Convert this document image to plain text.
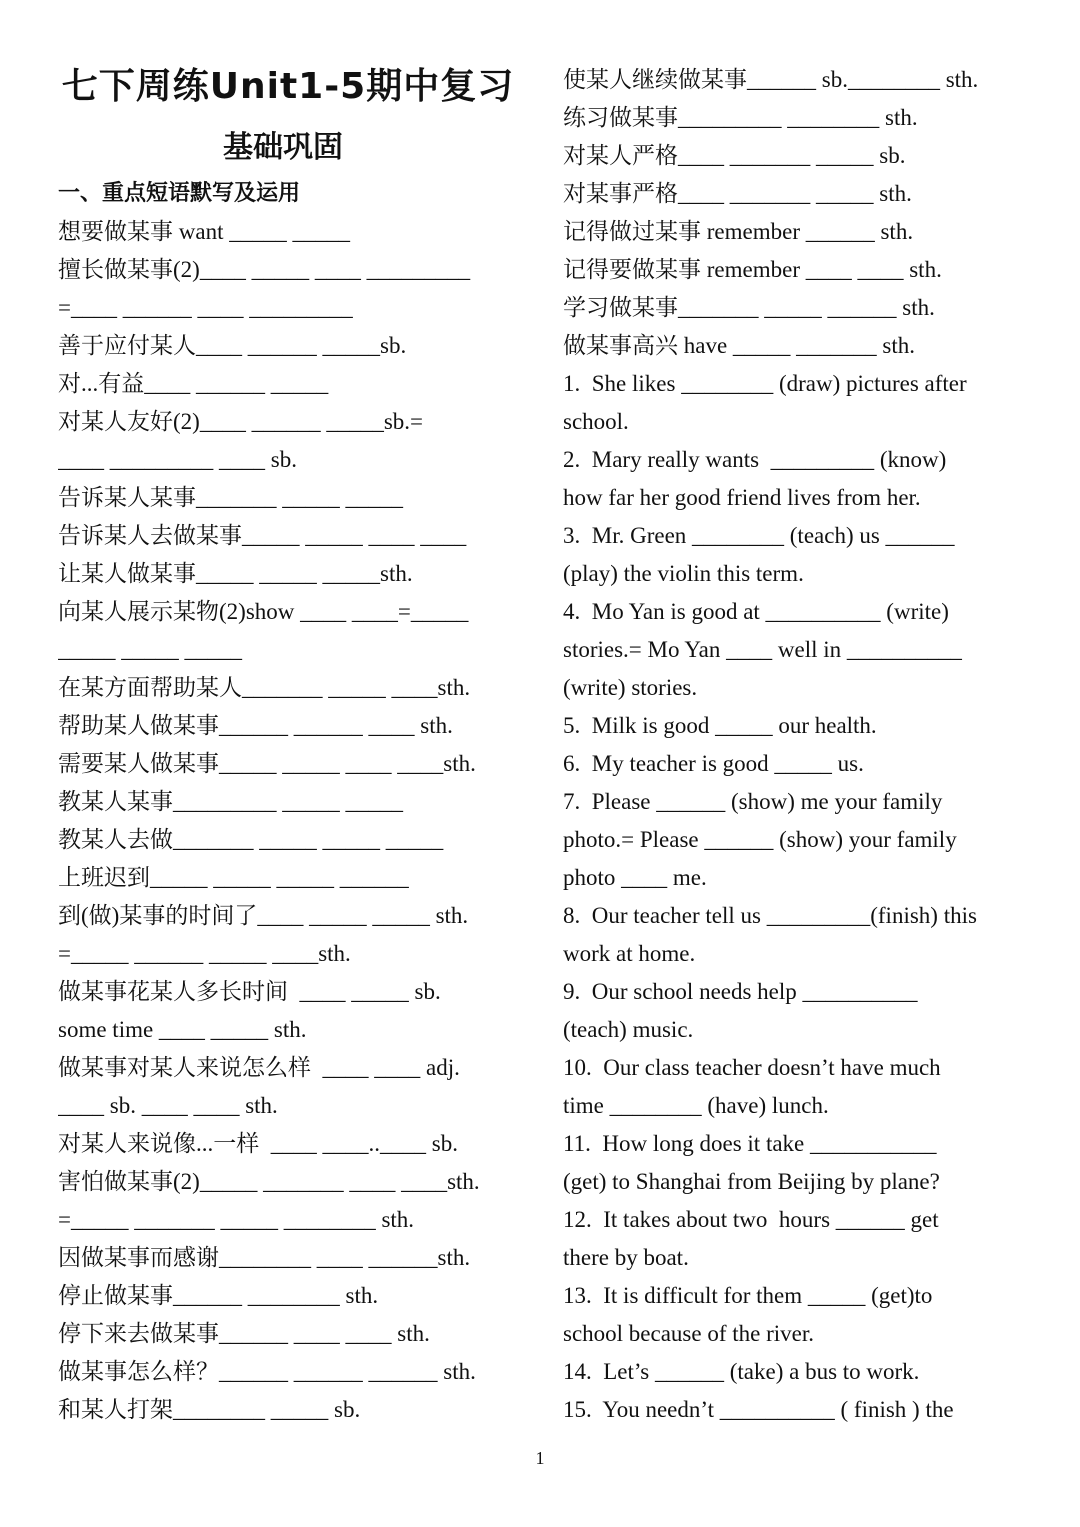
七下周练Unit1-5期中复习
基础巩固
一、重点短语默写及运用
想要做某事 want _____ _____
擅长做某事(2)____ _____ ____ _________
=____ ______ ____ _________
善于应付某人____ ______ _____sb.
对...有益____ ______ _____
对某人友好(2)____ ______ _____sb.=
____ _________ ____ sb.
告诉某人某事_______ _____ _____
告诉某人去做某事_____ _____ ____ ____
让某人做某事_____ _____ _____sth.
向某人展示某物(2)show ____ ____=_____
_____ _____ _____
在某方面帮助某人_______ _____ ____sth.
帮助某人做某事______ ______ ____ sth.
需要某人做某事_____ _____ ____ ____sth.
教某人某事_________ _____ _____
教某人去做_______ _____ _____ _____
上班迟到_____ _____ _____ ______
到(做)某事的时间了____ _____ _____ sth.
=_____ ______ _____ ____sth.
做某事花某人多长时间  ____ _____ sb.
some time ____ _____ sth.
做某事对某人来说怎么样  ____ ____ adj.
____ sb. ____ ____ sth.
对某人来说像...一样  ____ ____..____ sb.
害怕做某事(2)_____ _______ ____ ____sth.
=_____ _______ _____ ________ sth.
因做某事而感谢________ ____ ______sth.
停止做某事______ ________ sth.
停下来去做某事______ ____ ____ sth.
做某事怎么样？______ ______ ______ sth.
和某人打架________ _____ sb.
使某人继续做某事______ sb.________ sth.
练习做某事_________ ________ sth.
对某人严格____ _______ _____ sb.
对某事严格____ _______ _____ sth.
记得做过某事 remember ______ sth.
记得要做某事 remember ____ ____ sth.
学习做某事_______ _____ ______ sth.
做某事高兴 have _____ _______ sth.
1.  She likes ________ (draw) pictures after
school.
2.  Mary really wants  _________ (know)
how far her good friend lives from her.
3.  Mr. Green ________ (teach) us ______
(play) the violin this term.
4.  Mo Yan is good at __________ (write)
stories.= Mo Yan ____ well in __________
(write) stories.
5.  Milk is good _____ our health.
6.  My teacher is good _____ us.
7.  Please ______ (show) me your family
photo.= Please ______ (show) your family
photo ____ me.
8.  Our teacher tell us _________(finish) this
work at home.
9.  Our school needs help __________
(teach) music.
10.  Our class teacher doesn’t have much
time ________ (have) lunch.
11.  How long does it take ___________
(get) to Shanghai from Beijing by plane?
12.  It takes about two  hours ______ get
there by boat.
13.  It is difficult for them _____ (get)to
school because of the river.
14.  Let’s ______ (take) a bus to work.
15.  You needn’t __________ ( finish ) the
1
